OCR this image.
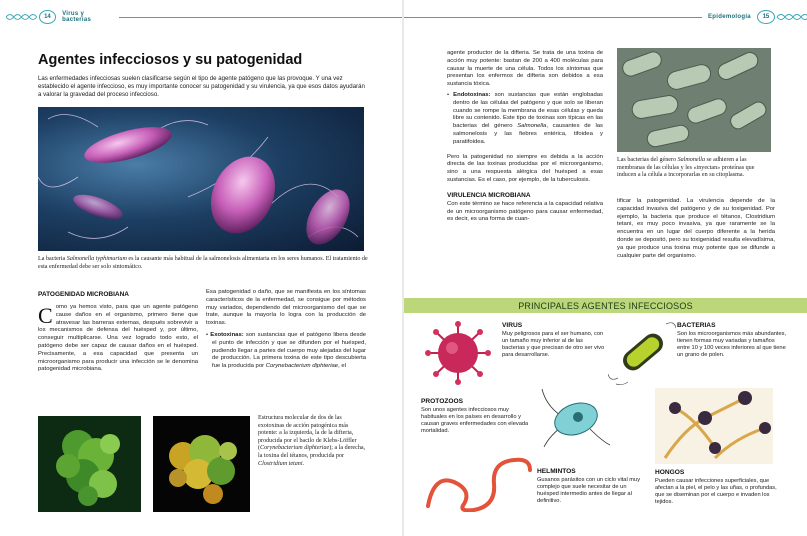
14	Virus y bacterias
Agentes infecciosos y su patogenidad

Las enfermedades infecciosas suelen clasificarse según el tipo de agente patógeno que las provoque. Y una vez establecido el agente infeccioso, es muy importante conocer su patogenidad y su virulencia, ya que esos datos ayudarán a valorar la gravedad del proceso infeccioso.

La bacteria Salmonella typhimurium es la causante más habitual de la salmonelosis alimentaria en los seres humanos. El tratamiento de esta enfermedad debe ser solo sintomático.

PATOGENIDAD MICROBIANA

Como ya hemos visto, para que un agente patógeno cause daños en el organismo, primero tiene que atravesar las barreras externas, después sobrevivir a los mecanismos de defensa del huésped y, por último, conseguir multiplicarse. Una vez logrado todo esto, el patógeno debe ser capaz de causar daños en el huésped. Precisamente, a esa capacidad que presenta un microorganismo para producir una infección se le denomina patogenidad microbiana.

Esa patogenidad o daño, que se manifiesta en los síntomas característicos de la enfermedad, se consigue por métodos muy variados, dependiendo del microorganismo del que se trate, aunque la mayoría lo logra con la producción de toxinas.

• Exotoxinas: son sustancias que el patógeno libera desde el punto de infección y que se difunden por el huésped, pudiendo llegar a partes del cuerpo muy alejadas del lugar de producción. La primera toxina de este tipo descubierta fue la producida por Corynebacterium diphteriae, el

Estructura molecular de dos de las exotoxinas de acción patogénica más potente: a la izquierda, la de la difteria, producida por el bacilo de Klebs-Löffler (Corynebacterium diphteriae); a la derecha, la toxina del tétanos, producida por Clostridium tetani.

Epidemología	15

agente productor de la difteria. Se trata de una toxina de acción muy potente: bastan de 200 a 400 moléculas para causar la muerte de una célula. Todos los síntomas que presentan los enfermos de difteria son debidos a esa sustancia tóxica.

• Endotoxinas: son sustancias que están englobadas dentro de las células del patógeno y que solo se liberan cuando se rompe la membrana de esas células y queda libre su contenido. Este tipo de toxinas son típicas en las bacterias del género Salmonella, causantes de las salmonelosis y las fiebres entérica, tifoidea y paratifoidea.

Pero la patogenidad no siempre es debida a la acción directa de las toxinas producidas por el microorganismo, sino a una respuesta alérgica del huésped a esas sustancias. Es el caso, por ejemplo, de la tuberculosis.

VIRULENCIA MICROBIANA

Con este término se hace referencia a la capacidad relativa de un microorganismo patógeno para causar enfermedad, es decir, es una forma de cuan-

Las bacterias del género Salmonella se adhieren a las membranas de las células y les «inyectan» proteínas que inducen a la célula a incorporarlas en su citoplasma.

tificar la patogenidad. La virulencia depende de la capacidad invasiva del patógeno y de su toxigenidad. Por ejemplo, la bacteria que produce el tétanos, Clostridium tetani, es muy poco invasiva, ya que raramente se la encuentra en un lugar del cuerpo diferente a la herida donde se depositó, pero su toxigenidad resulta elevadísima, ya que produce una toxina muy potente que se difunde a cualquier parte del organismo.

PRINCIPALES AGENTES INFECCIOSOS
VIRUS
Muy peligrosos para el ser humano, con un tamaño muy inferior al de las bacterias y que precisan de otro ser vivo para desarrollarse.
BACTERIAS
Son los microorganismos más abundantes, tienen formas muy variadas y tamaños entre 10 y 100 veces inferiores al que tiene un grano de polen.
PROTOZOOS
Son unos agentes infecciosos muy habituales en los países en desarrollo y causan graves enfermedades con elevada mortalidad.
HELMINTOS
Gusanos parásitos con un ciclo vital muy complejo que suele necesitar de un huésped intermedio antes de llegar al definitivo.
HONGOS
Pueden causar infecciones superficiales, que afectan a la piel, el pelo y las uñas, o profundas, que se diseminan por el cuerpo e invaden los tejidos.
